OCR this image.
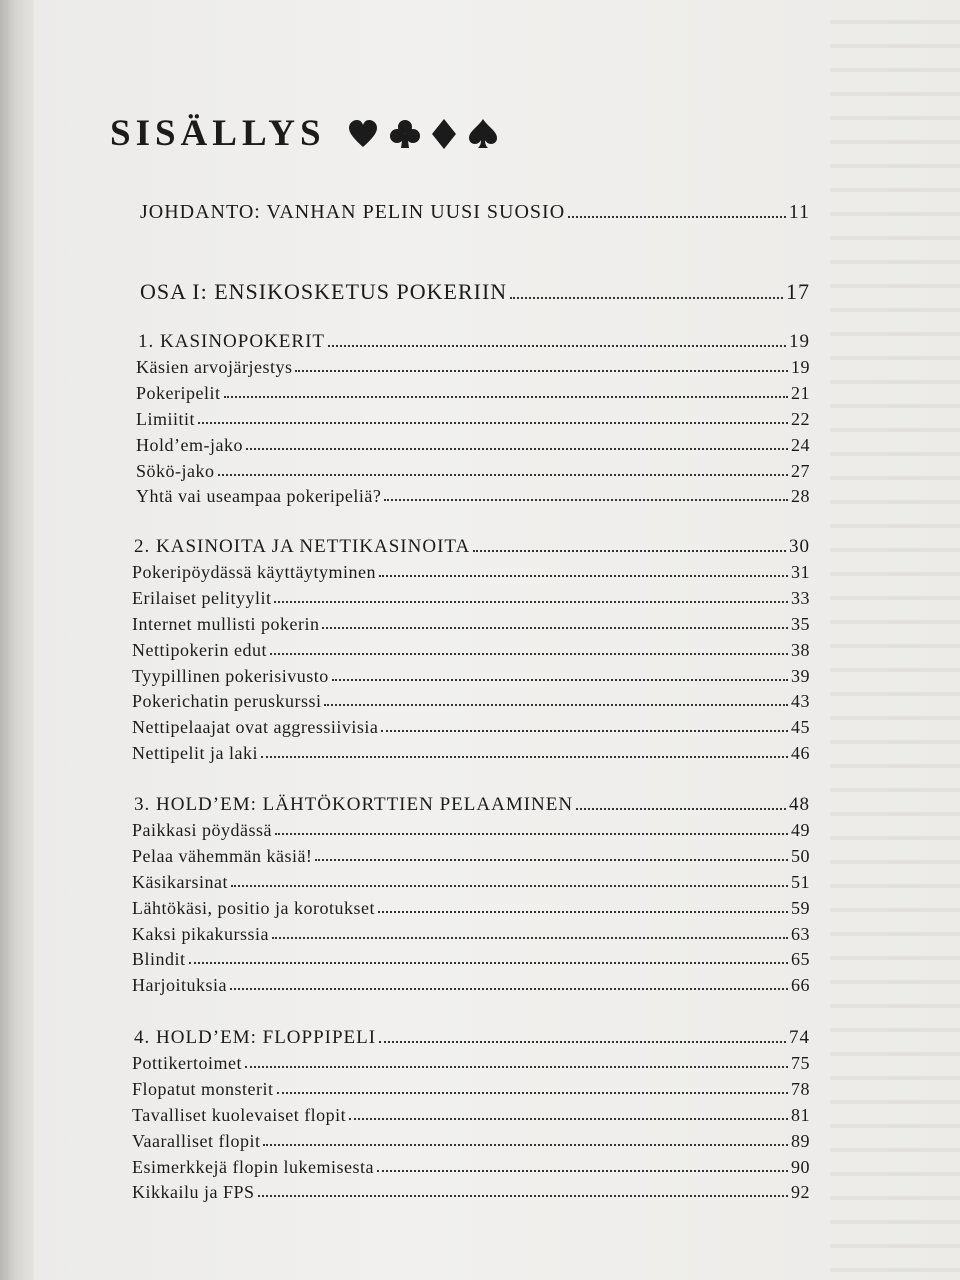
SISÄLLYS
JOHDANTO: VANHAN PELIN UUSI SUOSIO	11
OSA I: ENSIKOSKETUS POKERIIN	17
1. KASINOPOKERIT	19
Käsien arvojärjestys	19
Pokeripelit	21
Limiitit	22
Hold’em-jako	24
Sökö-jako	27
Yhtä vai useampaa pokeripeliä?	28
2. KASINOITA JA NETTIKASINOITA	30
Pokeripöydässä käyttäytyminen	31
Erilaiset pelityylit	33
Internet mullisti pokerin	35
Nettipokerin edut	38
Tyypillinen pokerisivusto	39
Pokerichatin peruskurssi	43
Nettipelaajat ovat aggressiivisia	45
Nettipelit ja laki	46
3. HOLD’EM: LÄHTÖKORTTIEN PELAAMINEN	48
Paikkasi pöydässä	49
Pelaa vähemmän käsiä!	50
Käsikarsinat	51
Lähtökäsi, positio ja korotukset	59
Kaksi pikakurssia	63
Blindit	65
Harjoituksia	66
4. HOLD’EM: FLOPPIPELI	74
Pottikertoimet	75
Flopatut monsterit	78
Tavalliset kuolevaiset flopit	81
Vaaralliset flopit	89
Esimerkkejä flopin lukemisesta	90
Kikkailu ja FPS	92
